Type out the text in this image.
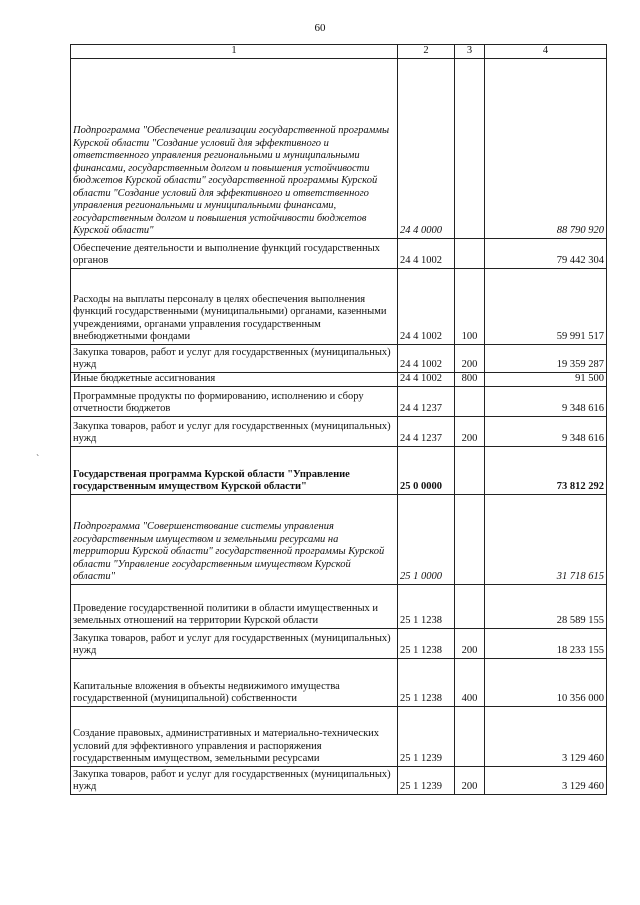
60
`
1	2	3	4
Подпрограмма "Обеспечение реализации государственной программы Курской области "Создание условий для эффективного и ответственного управления региональными и муниципальными финансами, государственным долгом и повышения устойчивости бюджетов Курской области" государственной программы Курской области "Создание условий для эффективного и ответственного управления региональными и муниципальными финансами, государственным долгом и повышения устойчивости бюджетов Курской области"	24 4 0000		88 790 920
Обеспечение деятельности и выполнение функций государственных органов	24 4 1002		79 442 304
Расходы на выплаты персоналу в целях обеспечения выполнения функций государственными (муниципальными) органами, казенными учреждениями, органами управления государственным внебюджетными фондами	24 4 1002	100	59 991 517
Закупка товаров, работ и услуг для государственных (муниципальных) нужд	24 4 1002	200	19 359 287
Иные бюджетные ассигнования	24 4 1002	800	91 500
Программные продукты по формированию, исполнению и сбору отчетности бюджетов	24 4 1237		9 348 616
Закупка товаров, работ и услуг для государственных (муниципальных) нужд	24 4 1237	200	9 348 616
Государственая программа Курской области "Управление государственным имуществом Курской области"	25 0 0000		73 812 292
Подпрограмма "Совершенствование системы управления государственным имуществом и земельными ресурсами на территории Курской области" государственной программы Курской области "Управление государственным имуществом Курской области"	25 1 0000		31 718 615
Проведение государственной политики в области имущественных и земельных отношений на территории Курской области	25 1 1238		28 589 155
Закупка товаров, работ и услуг для государственных (муниципальных) нужд	25 1 1238	200	18 233 155
Капитальные вложения в объекты недвижимого имущества государственной (муниципальной) собственности	25 1 1238	400	10 356 000
Создание правовых, административных и материально-технических условий для эффективного управления и распоряжения государственным имуществом, земельными ресурсами	25 1 1239		3 129 460
Закупка товаров, работ и услуг для государственных (муниципальных) нужд	25 1 1239	200	3 129 460
